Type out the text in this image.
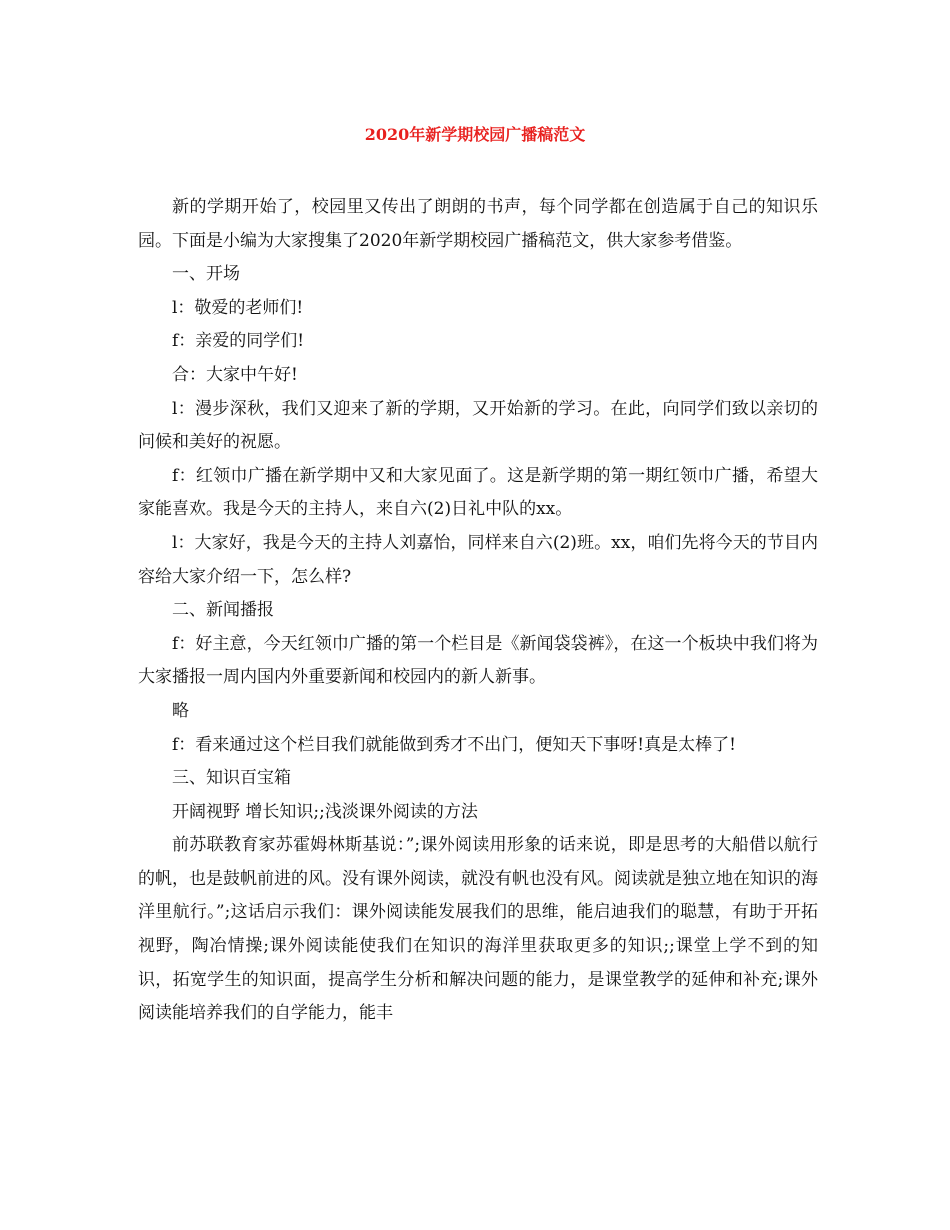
2020年新学期校园广播稿范文

新的学期开始了，校园里又传出了朗朗的书声，每个同学都在创造属于自己的知识乐园。下面是小编为大家搜集了2020年新学期校园广播稿范文，供大家参考借鉴。

一、开场

l：敬爱的老师们!

f：亲爱的同学们!

合：大家中午好!

l：漫步深秋，我们又迎来了新的学期，又开始新的学习。在此，向同学们致以亲切的问候和美好的祝愿。

f：红领巾广播在新学期中又和大家见面了。这是新学期的第一期红领巾广播，希望大家能喜欢。我是今天的主持人，来自六(2)日礼中队的xx。

l：大家好，我是今天的主持人刘嘉怡，同样来自六(2)班。xx，咱们先将今天的节目内容给大家介绍一下，怎么样?

二、新闻播报

f：好主意，今天红领巾广播的第一个栏目是《新闻袋袋裤》，在这一个板块中我们将为大家播报一周内国内外重要新闻和校园内的新人新事。

略

f：看来通过这个栏目我们就能做到秀才不出门，便知天下事呀!真是太棒了!

三、知识百宝箱

开阔视野 增长知识;;浅淡课外阅读的方法

前苏联教育家苏霍姆林斯基说：”;课外阅读用形象的话来说，即是思考的大船借以航行的帆，也是鼓帆前进的风。没有课外阅读，就没有帆也没有风。阅读就是独立地在知识的海洋里航行。”;这话启示我们：课外阅读能发展我们的思维，能启迪我们的聪慧，有助于开拓视野，陶冶情操;课外阅读能使我们在知识的海洋里获取更多的知识;;课堂上学不到的知识，拓宽学生的知识面，提高学生分析和解决问题的能力，是课堂教学的延伸和补充;课外阅读能培养我们的自学能力，能丰
